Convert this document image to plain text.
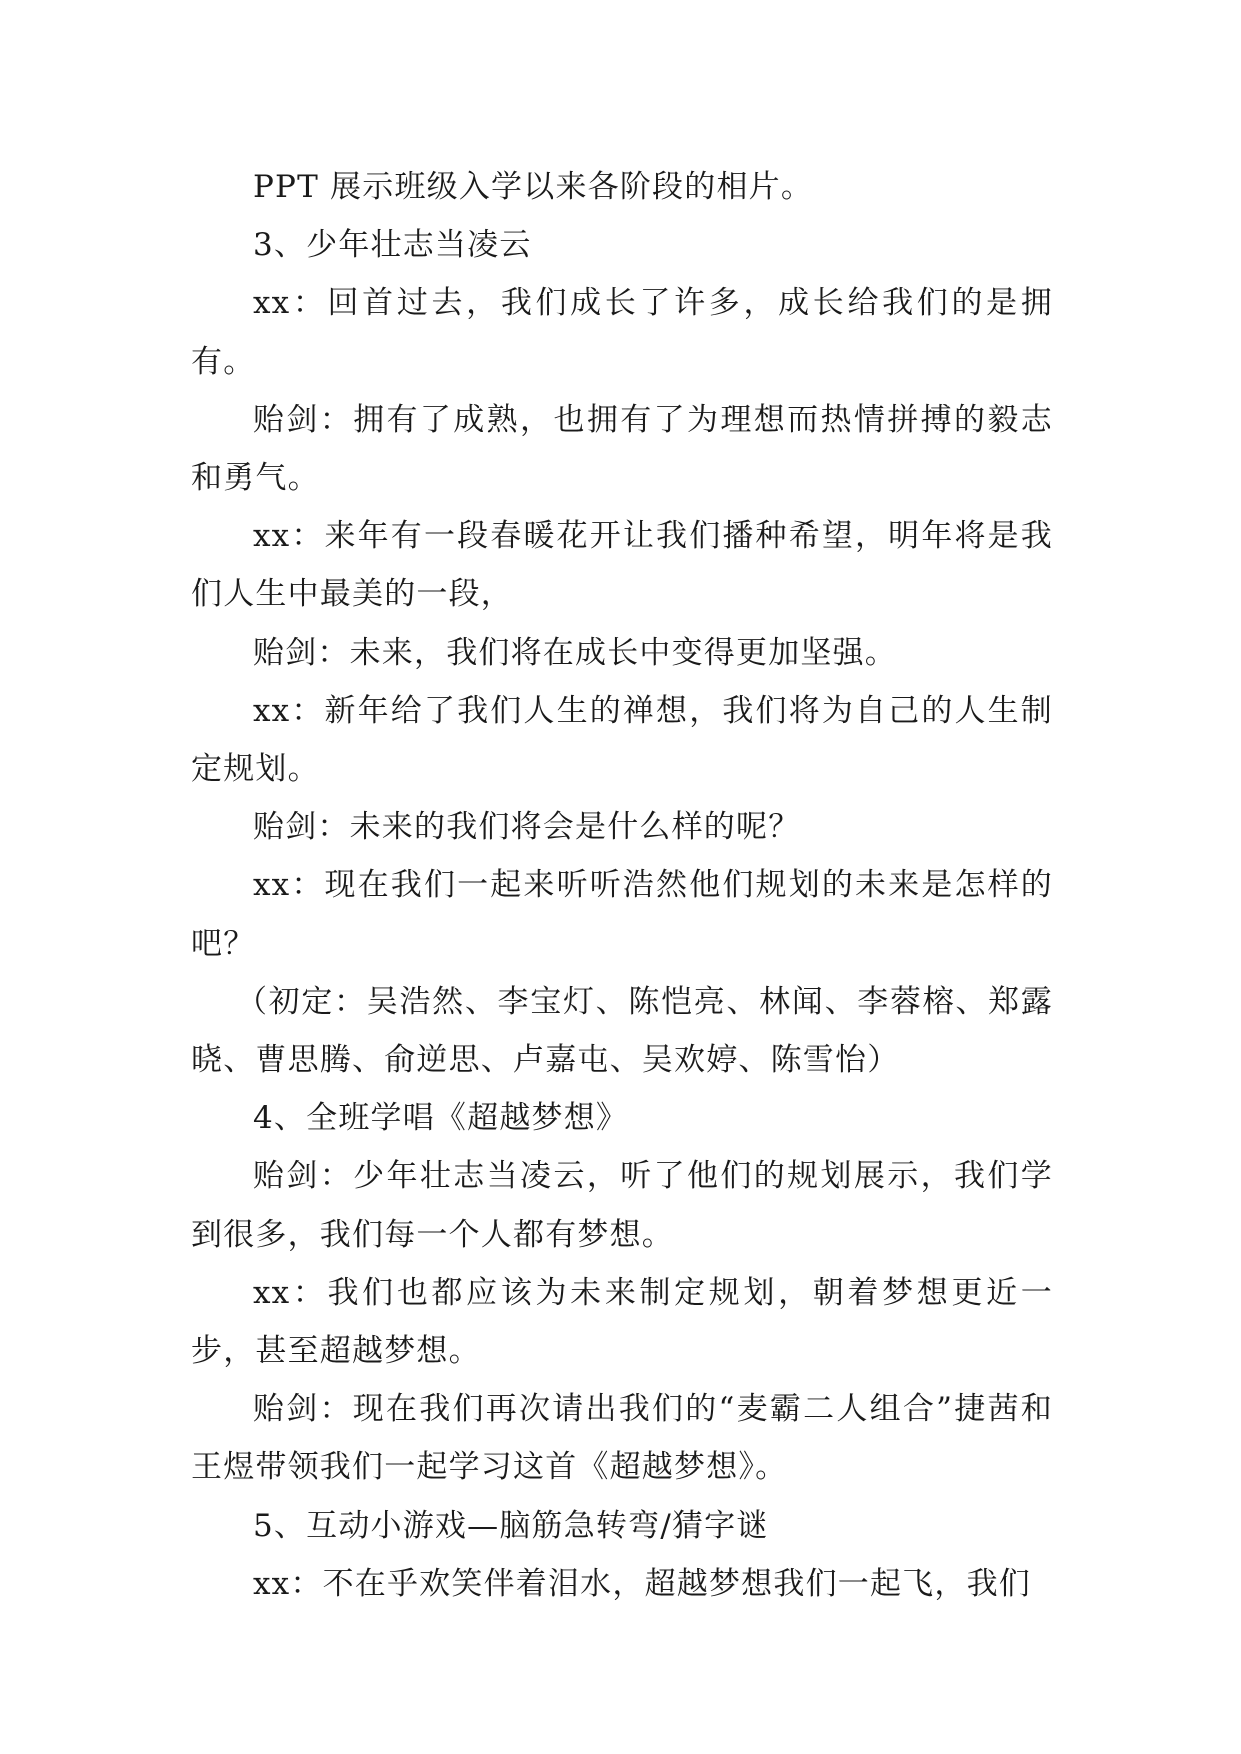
PPT 展示班级入学以来各阶段的相片。

3、少年壮志当凌云

xx：回首过去，我们成长了许多，成长给我们的是拥有。

贻剑：拥有了成熟，也拥有了为理想而热情拼搏的毅志和勇气。

xx：来年有一段春暖花开让我们播种希望，明年将是我们人生中最美的一段，

贻剑：未来，我们将在成长中变得更加坚强。

xx：新年给了我们人生的禅想，我们将为自己的人生制定规划。

贻剑：未来的我们将会是什么样的呢？

xx：现在我们一起来听听浩然他们规划的未来是怎样的吧？

（初定：吴浩然、李宝灯、陈恺亮、林闻、李蓉榕、郑露晓、曹思腾、俞逆思、卢嘉屯、吴欢婷、陈雪怡）

4、全班学唱《超越梦想》

贻剑：少年壮志当凌云，听了他们的规划展示，我们学到很多，我们每一个人都有梦想。

xx：我们也都应该为未来制定规划，朝着梦想更近一步，甚至超越梦想。

贻剑：现在我们再次请出我们的“麦霸二人组合”捷茜和王煜带领我们一起学习这首《超越梦想》。

5、互动小游戏—脑筋急转弯/猜字谜

xx：不在乎欢笑伴着泪水，超越梦想我们一起飞，我们
